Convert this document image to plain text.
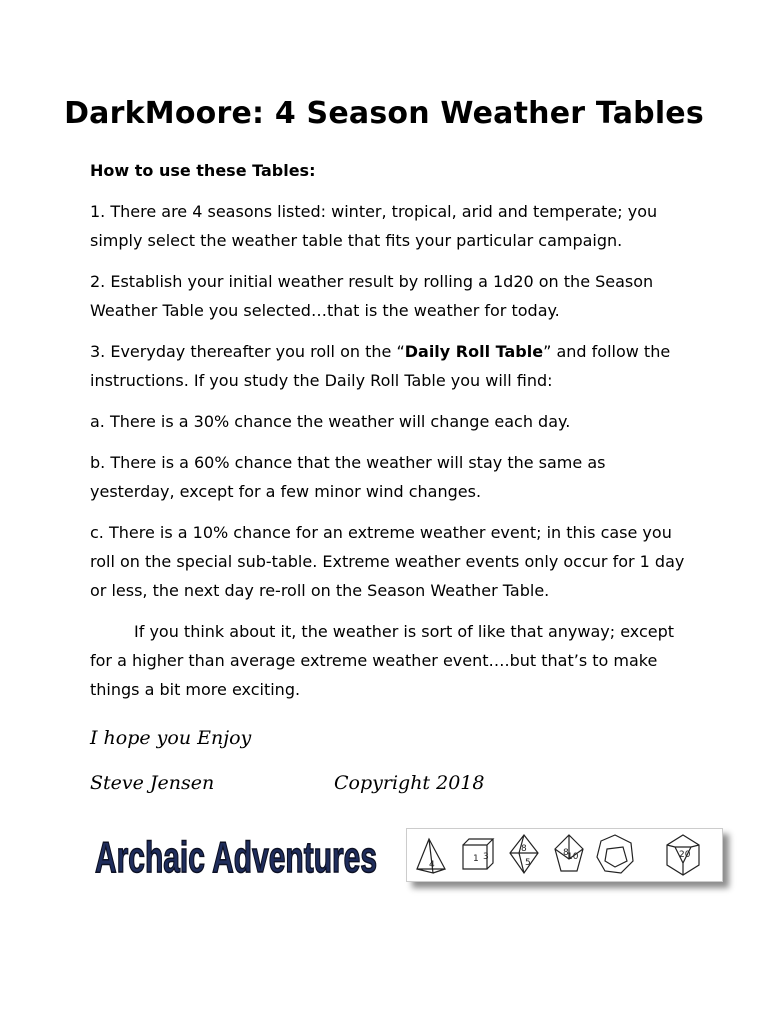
DarkMoore: 4 Season Weather Tables

How to use these Tables:

1. There are 4 seasons listed: winter, tropical, arid and temperate; you simply select the weather table that fits your particular campaign.

2. Establish your initial weather result by rolling a 1d20 on the Season Weather Table you selected…that is the weather for today.

3. Everyday thereafter you roll on the “Daily Roll Table” and follow the instructions. If you study the Daily Roll Table you will find:

a. There is a 30% chance the weather will change each day.

b. There is a 60% chance that the weather will stay the same as yesterday, except for a few minor wind changes.

c. There is a 10% chance for an extreme weather event; in this case you roll on the special sub-table. Extreme weather events only occur for 1 day or less, the next day re-roll on the Season Weather Table.

If you think about it, the weather is sort of like that anyway; except for a higher than average extreme weather event….but that’s to make things a bit more exciting.

I hope you Enjoy
Steve Jensen	Copyright 2018
Archaic Adventures	4
1 3
8
5
8
10	20
